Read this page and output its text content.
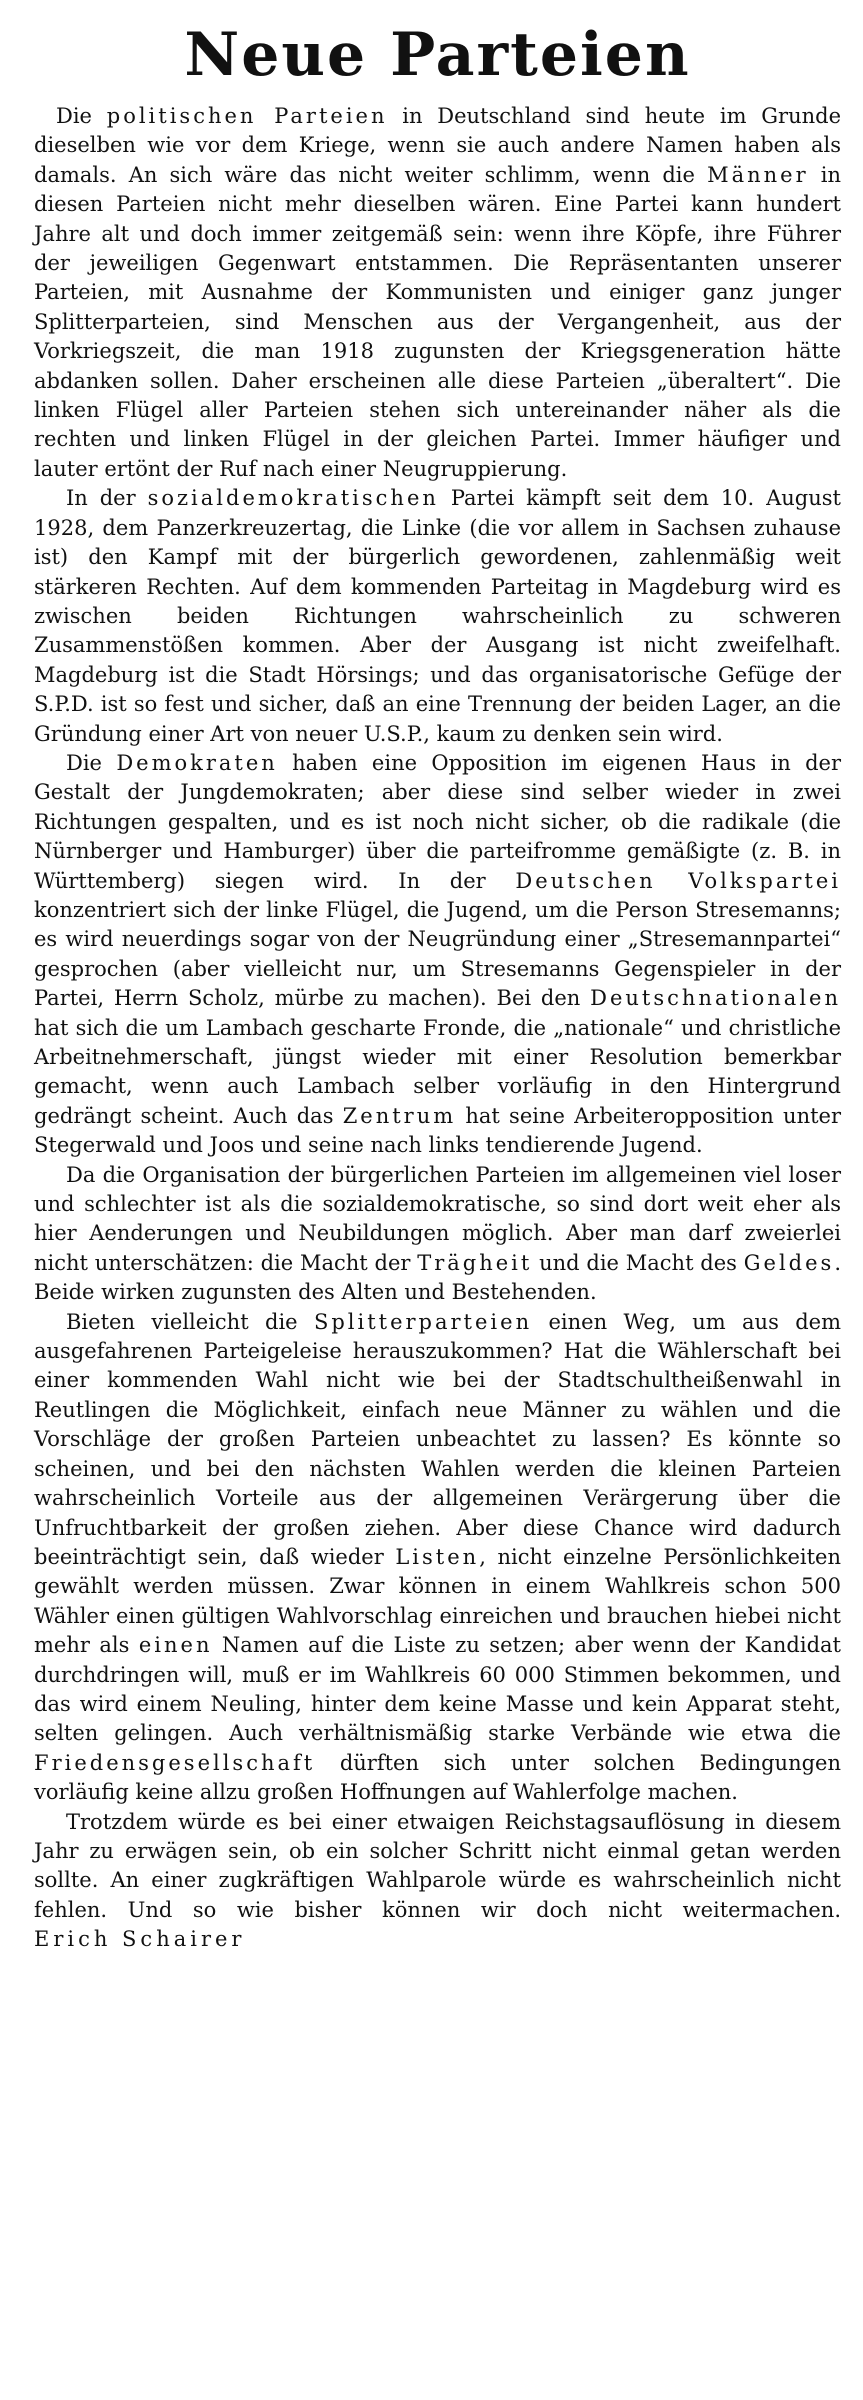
Neue Parteien

Die politischen Parteien in Deutschland sind heute im Grunde dieselben wie vor dem Kriege, wenn sie auch andere Namen haben als damals. An sich wäre das nicht weiter schlimm, wenn die Männer in diesen Parteien nicht mehr dieselben wären. Eine Partei kann hundert Jahre alt und doch immer zeitgemäß sein: wenn ihre Köpfe, ihre Führer der jeweiligen Gegenwart entstammen. Die Repräsentanten unserer Parteien, mit Ausnahme der Kommunisten und einiger ganz junger Splitterparteien, sind Menschen aus der Vergangenheit, aus der Vorkriegszeit, die man 1918 zugunsten der Kriegsgeneration hätte abdanken sollen. Daher erscheinen alle diese Parteien „überaltert“. Die linken Flügel aller Parteien stehen sich untereinander näher als die rechten und linken Flügel in der gleichen Partei. Immer häufiger und lauter ertönt der Ruf nach einer Neugruppierung.

In der sozialdemokratischen Partei kämpft seit dem 10. August 1928, dem Panzerkreuzertag, die Linke (die vor allem in Sachsen zuhause ist) den Kampf mit der bürgerlich gewordenen, zahlenmäßig weit stärkeren Rechten. Auf dem kommenden Parteitag in Magdeburg wird es zwischen beiden Richtungen wahrscheinlich zu schweren Zusammenstößen kommen. Aber der Ausgang ist nicht zweifelhaft. Magdeburg ist die Stadt Hörsings; und das organisatorische Gefüge der S.P.D. ist so fest und sicher, daß an eine Trennung der beiden Lager, an die Gründung einer Art von neuer U.S.P., kaum zu denken sein wird.

Die Demokraten haben eine Opposition im eigenen Haus in der Gestalt der Jungdemokraten; aber diese sind selber wieder in zwei Richtungen gespalten, und es ist noch nicht sicher, ob die radikale (die Nürnberger und Hamburger) über die parteifromme gemäßigte (z. B. in Württemberg) siegen wird. In der Deutschen Volkspartei konzentriert sich der linke Flügel, die Jugend, um die Person Stresemanns; es wird neuerdings sogar von der Neugründung einer „Stresemannpartei“ gesprochen (aber vielleicht nur, um Stresemanns Gegenspieler in der Partei, Herrn Scholz, mürbe zu machen). Bei den Deutschnationalen hat sich die um Lambach gescharte Fronde, die „nationale“ und christliche Arbeitnehmerschaft, jüngst wieder mit einer Resolution bemerkbar gemacht, wenn auch Lambach selber vorläufig in den Hintergrund gedrängt scheint. Auch das Zentrum hat seine Arbeiteropposition unter Stegerwald und Joos und seine nach links tendierende Jugend.

Da die Organisation der bürgerlichen Parteien im allgemeinen viel loser und schlechter ist als die sozialdemokratische, so sind dort weit eher als hier Aenderungen und Neubildungen möglich. Aber man darf zweierlei nicht unterschätzen: die Macht der Trägheit und die Macht des Geldes. Beide wirken zugunsten des Alten und Bestehenden.

Bieten vielleicht die Splitterparteien einen Weg, um aus dem ausgefahrenen Parteigeleise herauszukommen? Hat die Wählerschaft bei einer kommenden Wahl nicht wie bei der Stadtschultheißenwahl in Reutlingen die Möglichkeit, einfach neue Männer zu wählen und die Vorschläge der großen Parteien unbeachtet zu lassen? Es könnte so scheinen, und bei den nächsten Wahlen werden die kleinen Parteien wahrscheinlich Vorteile aus der allgemeinen Verärgerung über die Unfruchtbarkeit der großen ziehen. Aber diese Chance wird dadurch beeinträchtigt sein, daß wieder Listen, nicht einzelne Persönlichkeiten gewählt werden müssen. Zwar können in einem Wahlkreis schon 500 Wähler einen gültigen Wahlvorschlag einreichen und brauchen hiebei nicht mehr als einen Namen auf die Liste zu setzen; aber wenn der Kandidat durchdringen will, muß er im Wahlkreis 60 000 Stimmen bekommen, und das wird einem Neuling, hinter dem keine Masse und kein Apparat steht, selten gelingen. Auch verhältnismäßig starke Verbände wie etwa die Friedensgesellschaft dürften sich unter solchen Bedingungen vorläufig keine allzu großen Hoffnungen auf Wahlerfolge machen.

Trotzdem würde es bei einer etwaigen Reichstagsauflösung in diesem Jahr zu erwägen sein, ob ein solcher Schritt nicht einmal getan werden sollte. An einer zugkräftigen Wahlparole würde es wahrscheinlich nicht fehlen. Und so wie bisher können wir doch nicht weitermachen. Erich Schairer
